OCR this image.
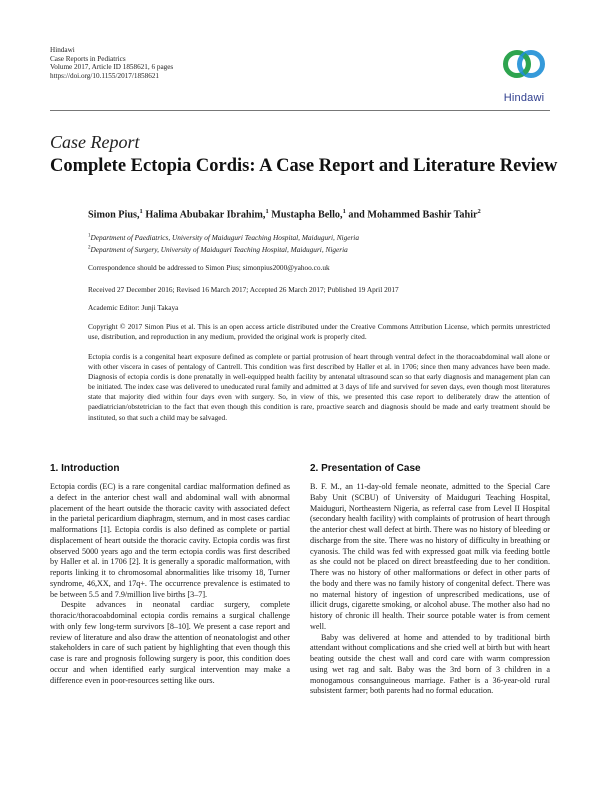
Hindawi
Case Reports in Pediatrics
Volume 2017, Article ID 1858621, 6 pages
https://doi.org/10.1155/2017/1858621
Hindawi
Case Report
Complete Ectopia Cordis: A Case Report and Literature Review
Simon Pius,$^1$ Halima Abubakar Ibrahim,$^1$ Mustapha Bello,$^1$ and Mohammed Bashir Tahir$^2$
$^1$Department of Paediatrics, University of Maiduguri Teaching Hospital, Maiduguri, Nigeria
$^2$Department of Surgery, University of Maiduguri Teaching Hospital, Maiduguri, Nigeria
Correspondence should be addressed to Simon Pius; simonpius2000@yahoo.co.uk
Received 27 December 2016; Revised 16 March 2017; Accepted 26 March 2017; Published 19 April 2017
Academic Editor: Junji Takaya
Copyright © 2017 Simon Pius et al. This is an open access article distributed under the Creative Commons Attribution License, which permits unrestricted use, distribution, and reproduction in any medium, provided the original work is properly cited.
Ectopia cordis is a congenital heart exposure defined as complete or partial protrusion of heart through ventral defect in the thoracoabdominal wall alone or with other viscera in cases of pentalogy of Cantrell. This condition was first described by Haller et al. in 1706; since then many advances have been made. Diagnosis of ectopia cordis is done prenatally in well-equipped health facility by antenatal ultrasound scan so that early diagnosis and management plan can be initiated. The index case was delivered to uneducated rural family and admitted at 3 days of life and survived for seven days, even though most literatures state that majority died within four days even with surgery. So, in view of this, we presented this case report to deliberately draw the attention of paediatrician/obstetrician to the fact that even though this condition is rare, proactive search and diagnosis should be made and early treatment should be instituted, so that such a child may be salvaged.
1. Introduction

Ectopia cordis (EC) is a rare congenital cardiac malformation defined as a defect in the anterior chest wall and abdominal wall with abnormal placement of the heart outside the thoracic cavity with associated defect in the parietal pericardium diaphragm, sternum, and in most cases cardiac malformations [1]. Ectopia cordis is also defined as complete or partial displacement of heart outside the thoracic cavity. Ectopia cordis was first observed 5000 years ago and the term ectopia cordis was first described by Haller et al. in 1706 [2]. It is generally a sporadic malformation, with reports linking it to chromosomal abnormalities like trisomy 18, Turner syndrome, 46,XX, and 17q+. The occurrence prevalence is estimated to be between 5.5 and 7.9/million live births [3–7].

Despite advances in neonatal cardiac surgery, complete thoracic/thoracoabdominal ectopia cordis remains a surgical challenge with only few long-term survivors [8–10]. We present a case report and review of literature and also draw the attention of neonatologist and other stakeholders in care of such patient by highlighting that even though this case is rare and prognosis following surgery is poor, this condition does occur and when identified early surgical intervention may make a difference even in poor-resources setting like ours.

2. Presentation of Case

B. F. M., an 11-day-old female neonate, admitted to the Special Care Baby Unit (SCBU) of University of Maiduguri Teaching Hospital, Maiduguri, Northeastern Nigeria, as referral case from Level II Hospital (secondary health facility) with complaints of protrusion of heart through the anterior chest wall defect at birth. There was no history of bleeding or discharge from the site. There was no history of difficulty in breathing or cyanosis. The child was fed with expressed goat milk via feeding bottle as she could not be placed on direct breastfeeding due to her condition. There was no history of other malformations or defect in other parts of the body and there was no family history of congenital defect. There was no maternal history of ingestion of unprescribed medications, use of illicit drugs, cigarette smoking, or alcohol abuse. The mother also had no history of chronic ill health. Their source potable water is from cement well.

Baby was delivered at home and attended to by traditional birth attendant without complications and she cried well at birth but with heart beating outside the chest wall and cord care with warm compression using wet rag and salt. Baby was the 3rd born of 3 children in a monogamous consanguineous marriage. Father is a 36-year-old rural subsistent farmer; both parents had no formal education.
